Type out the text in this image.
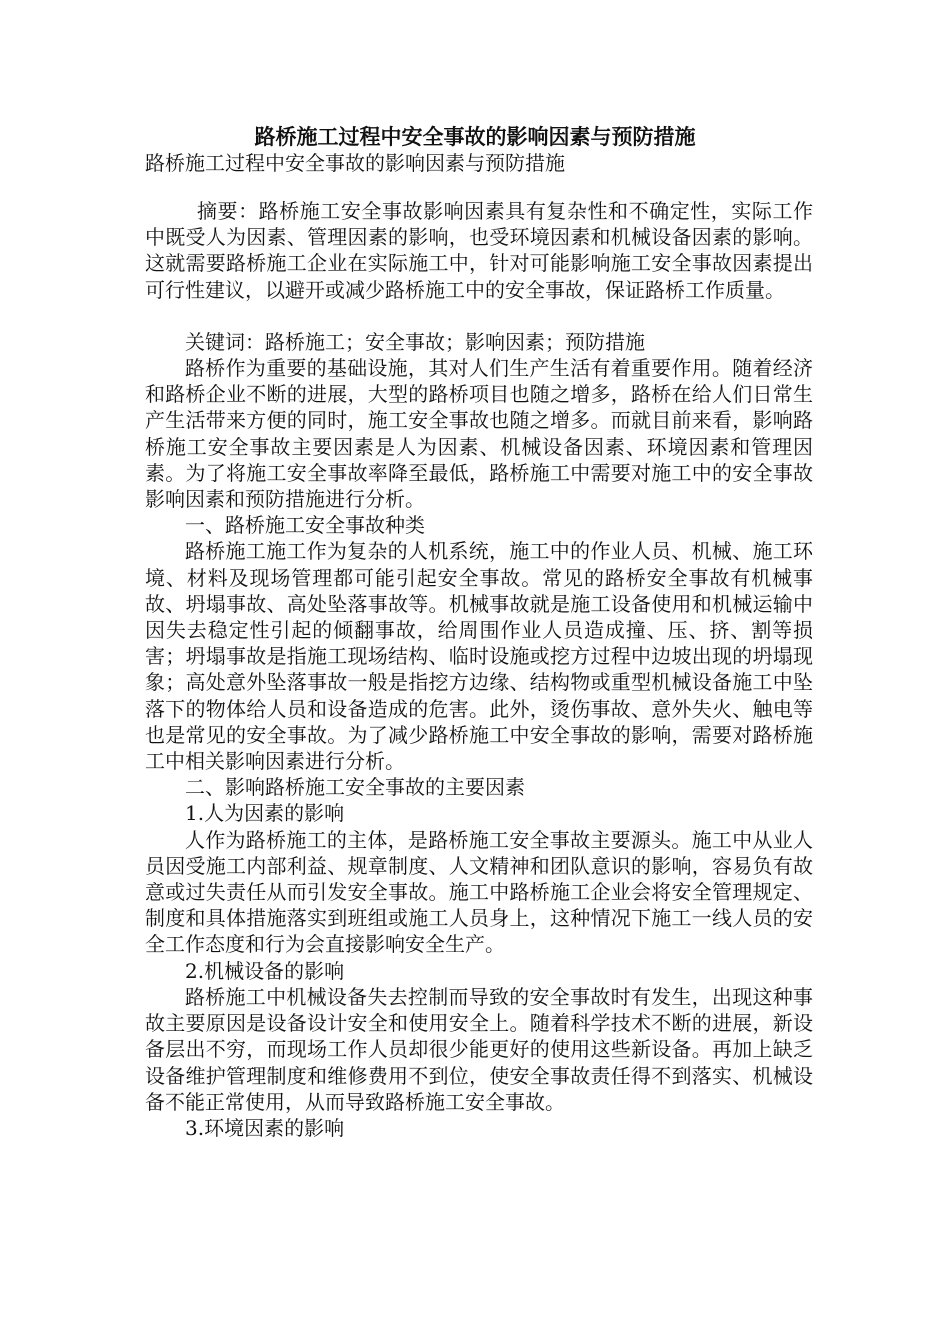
路桥施工过程中安全事故的影响因素与预防措施

路桥施工过程中安全事故的影响因素与预防措施

摘要：路桥施工安全事故影响因素具有复杂性和不确定性，实际工作中既受人为因素、管理因素的影响，也受环境因素和机械设备因素的影响。这就需要路桥施工企业在实际施工中，针对可能影响施工安全事故因素提出可行性建议，以避开或减少路桥施工中的安全事故，保证路桥工作质量。

关键词：路桥施工；安全事故；影响因素；预防措施

路桥作为重要的基础设施，其对人们生产生活有着重要作用。随着经济和路桥企业不断的进展，大型的路桥项目也随之增多，路桥在给人们日常生产生活带来方便的同时，施工安全事故也随之增多。而就目前来看，影响路桥施工安全事故主要因素是人为因素、机械设备因素、环境因素和管理因素。为了将施工安全事故率降至最低，路桥施工中需要对施工中的安全事故影响因素和预防措施进行分析。

一、路桥施工安全事故种类

路桥施工施工作为复杂的人机系统，施工中的作业人员、机械、施工环境、材料及现场管理都可能引起安全事故。常见的路桥安全事故有机械事故、坍塌事故、高处坠落事故等。机械事故就是施工设备使用和机械运输中因失去稳定性引起的倾翻事故，给周围作业人员造成撞、压、挤、割等损害；坍塌事故是指施工现场结构、临时设施或挖方过程中边坡出现的坍塌现象；高处意外坠落事故一般是指挖方边缘、结构物或重型机械设备施工中坠落下的物体给人员和设备造成的危害。此外，烫伤事故、意外失火、触电等也是常见的安全事故。为了减少路桥施工中安全事故的影响，需要对路桥施工中相关影响因素进行分析。

二、影响路桥施工安全事故的主要因素

1.人为因素的影响

人作为路桥施工的主体，是路桥施工安全事故主要源头。施工中从业人员因受施工内部利益、规章制度、人文精神和团队意识的影响，容易负有故意或过失责任从而引发安全事故。施工中路桥施工企业会将安全管理规定、制度和具体措施落实到班组或施工人员身上，这种情况下施工一线人员的安全工作态度和行为会直接影响安全生产。

2.机械设备的影响

路桥施工中机械设备失去控制而导致的安全事故时有发生，出现这种事故主要原因是设备设计安全和使用安全上。随着科学技术不断的进展，新设备层出不穷，而现场工作人员却很少能更好的使用这些新设备。再加上缺乏设备维护管理制度和维修费用不到位，使安全事故责任得不到落实、机械设备不能正常使用，从而导致路桥施工安全事故。

3.环境因素的影响
